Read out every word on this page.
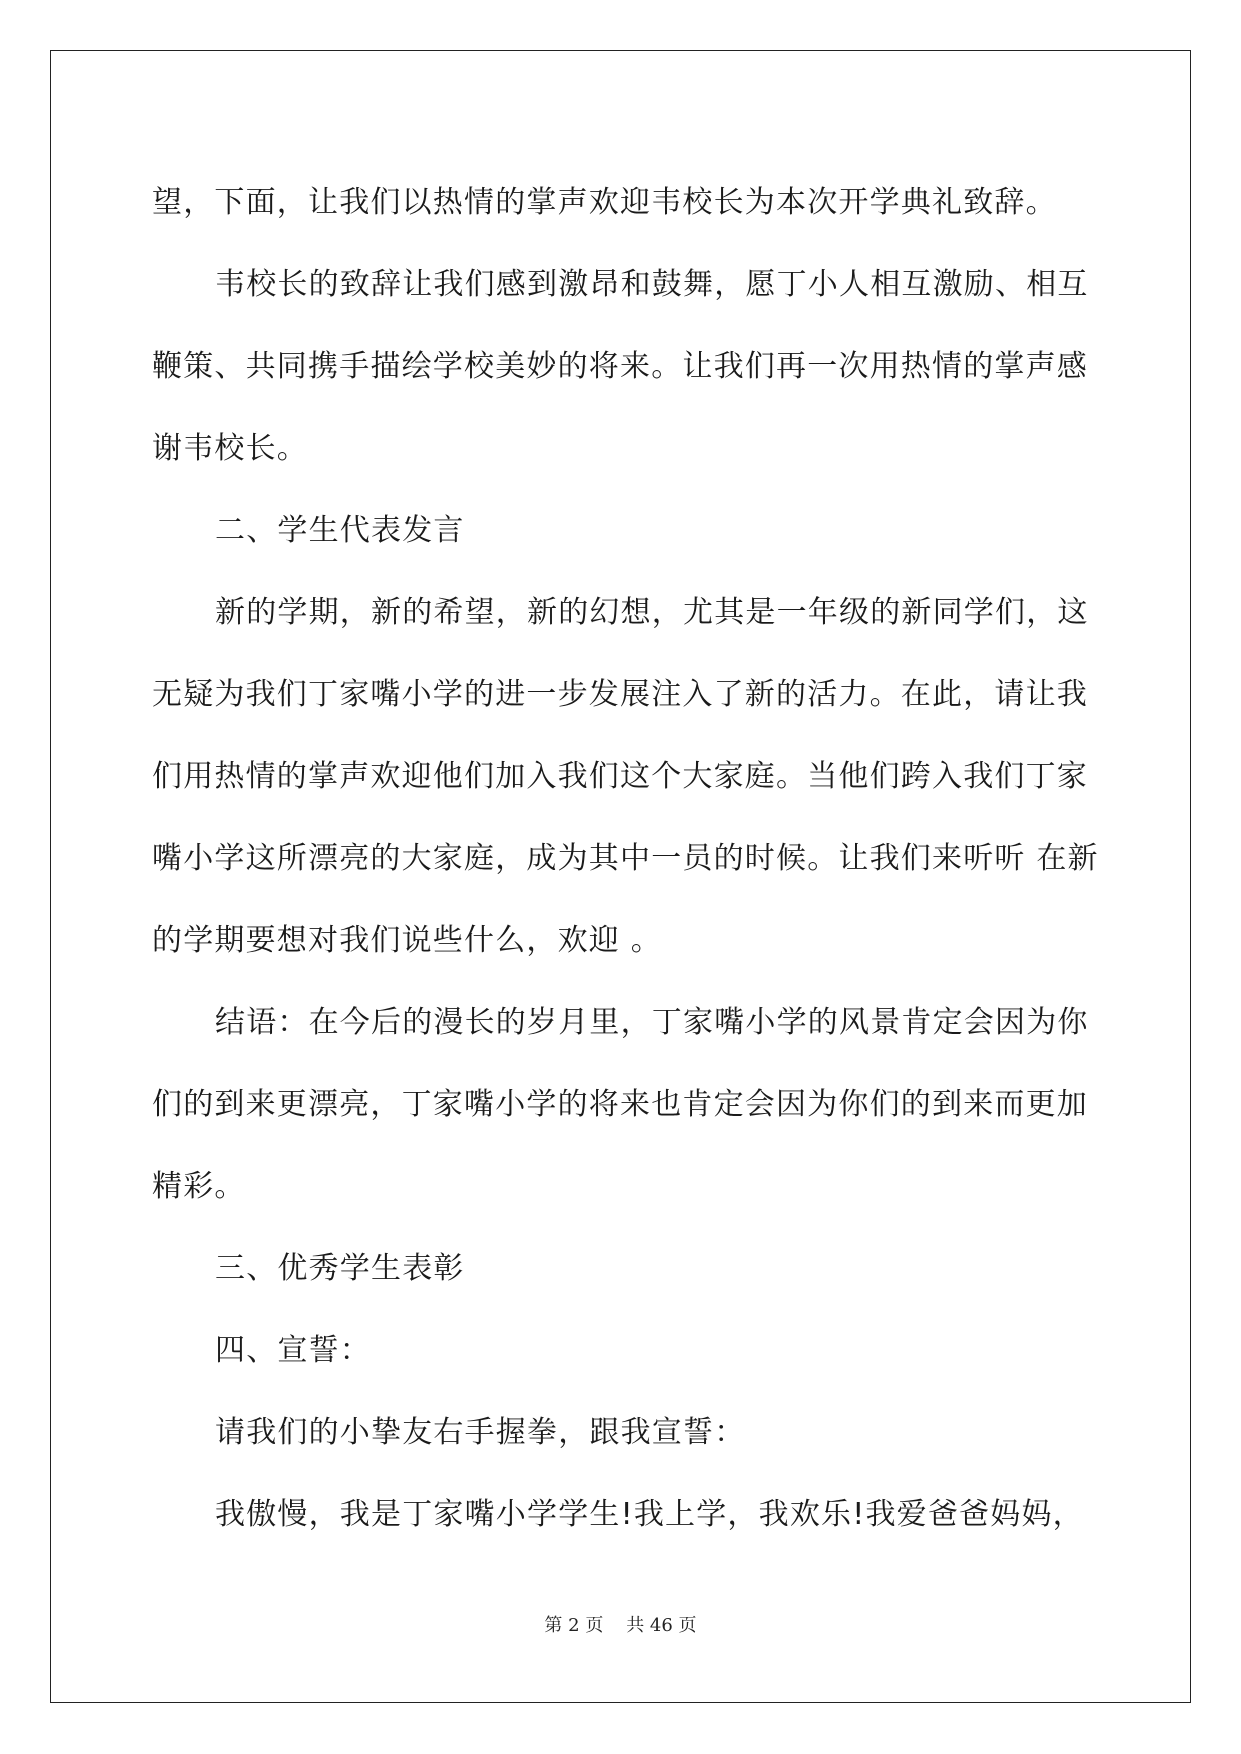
望，下面，让我们以热情的掌声欢迎韦校长为本次开学典礼致辞。
韦校长的致辞让我们感到激昂和鼓舞，愿丁小人相互激励、相互
鞭策、共同携手描绘学校美妙的将来。让我们再一次用热情的掌声感
谢韦校长。
二、学生代表发言
新的学期，新的希望，新的幻想，尤其是一年级的新同学们，这
无疑为我们丁家嘴小学的进一步发展注入了新的活力。在此，请让我
们用热情的掌声欢迎他们加入我们这个大家庭。当他们跨入我们丁家
嘴小学这所漂亮的大家庭，成为其中一员的时候。让我们来听听 在新
的学期要想对我们说些什么，欢迎 。
结语：在今后的漫长的岁月里，丁家嘴小学的风景肯定会因为你
们的到来更漂亮，丁家嘴小学的将来也肯定会因为你们的到来而更加
精彩。
三、优秀学生表彰
四、宣誓：
请我们的小挚友右手握拳，跟我宣誓：
我傲慢，我是丁家嘴小学学生!我上学，我欢乐!我爱爸爸妈妈，
第 2 页    共 46 页
